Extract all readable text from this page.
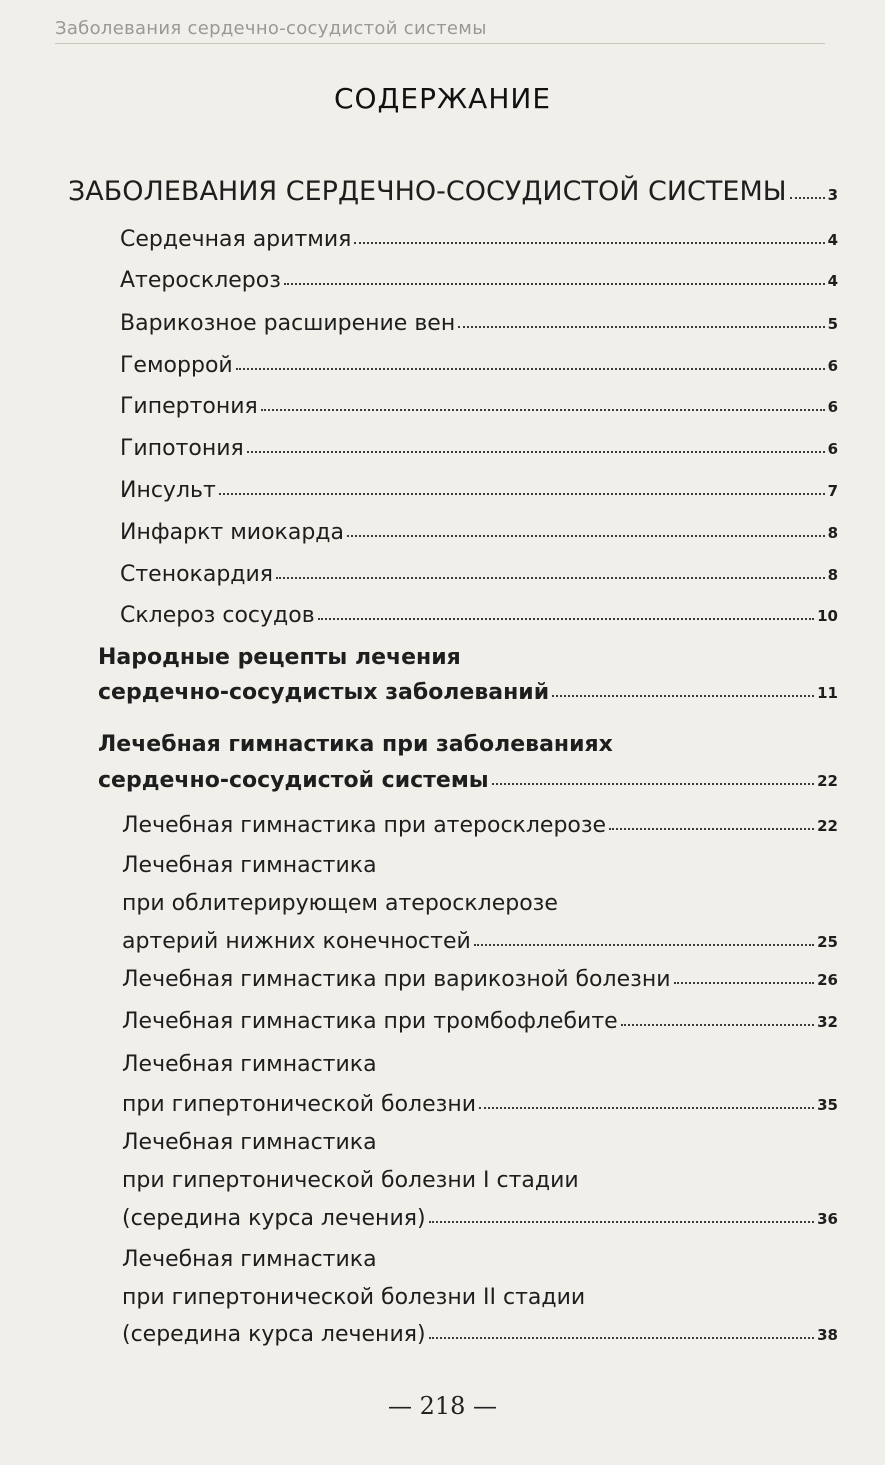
Заболевания сердечно-сосудистой системы
СОДЕРЖАНИЕ
ЗАБОЛЕВАНИЯ СЕРДЕЧНО-СОСУДИСТОЙ СИСТЕМЫ	3
Сердечная аритмия	4
Атеросклероз	4
Варикозное расширение вен	5
Геморрой	6
Гипертония	6
Гипотония	6
Инсульт	7
Инфаркт миокарда	8
Стенокардия	8
Склероз сосудов	10
Народные рецепты лечения
сердечно-сосудистых заболеваний	11
Лечебная гимнастика при заболеваниях
сердечно-сосудистой системы	22
Лечебная гимнастика при атеросклерозе	22
Лечебная гимнастика
при облитерирующем атеросклерозе
артерий нижних конечностей	25
Лечебная гимнастика при варикозной болезни	26
Лечебная гимнастика при тромбофлебите	32
Лечебная гимнастика
при гипертонической болезни	35
Лечебная гимнастика
при гипертонической болезни I стадии
(середина курса лечения)	36
Лечебная гимнастика
при гипертонической болезни II стадии
(середина курса лечения)	38
— 218 —
